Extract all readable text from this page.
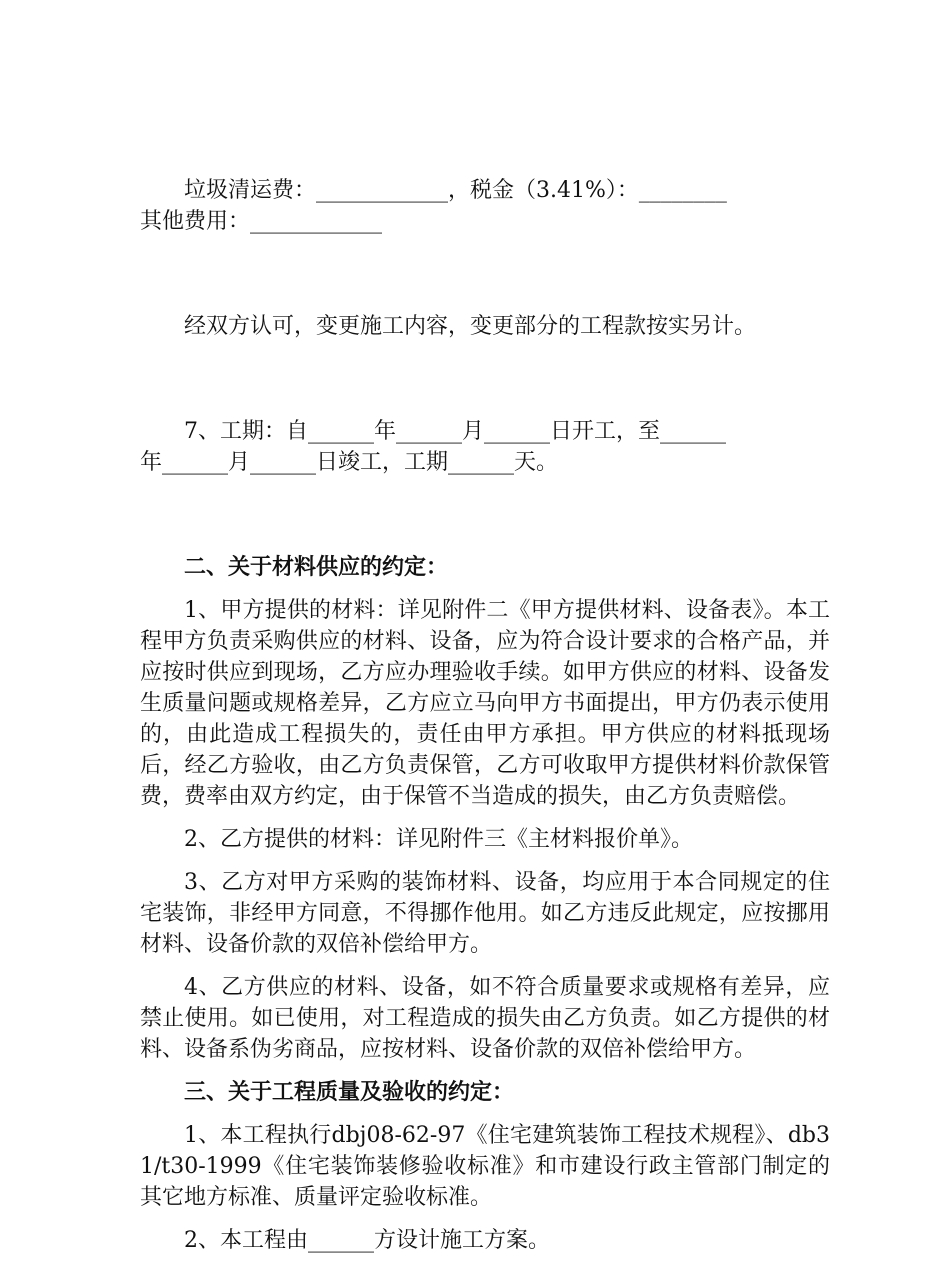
垃圾清运费：____________，税金（3.41%）：________
其他费用：____________

经双方认可，变更施工内容，变更部分的工程款按实另计。

7、工期：自______年______月______日开工，至______
年______月______日竣工，工期______天。

二、关于材料供应的约定：

1、甲方提供的材料：详见附件二《甲方提供材料、设备表》。本工程甲方负责采购供应的材料、设备，应为符合设计要求的合格产品，并应按时供应到现场，乙方应办理验收手续。如甲方供应的材料、设备发生质量问题或规格差异，乙方应立马向甲方书面提出，甲方仍表示使用的，由此造成工程损失的，责任由甲方承担。甲方供应的材料抵现场后，经乙方验收，由乙方负责保管，乙方可收取甲方提供材料价款保管费，费率由双方约定，由于保管不当造成的损失，由乙方负责赔偿。

2、乙方提供的材料：详见附件三《主材料报价单》。

3、乙方对甲方采购的装饰材料、设备，均应用于本合同规定的住宅装饰，非经甲方同意，不得挪作他用。如乙方违反此规定，应按挪用材料、设备价款的双倍补偿给甲方。

4、乙方供应的材料、设备，如不符合质量要求或规格有差异，应禁止使用。如已使用，对工程造成的损失由乙方负责。如乙方提供的材料、设备系伪劣商品，应按材料、设备价款的双倍补偿给甲方。

三、关于工程质量及验收的约定：

1、本工程执行dbj08-62-97《住宅建筑装饰工程技术规程》、db31/t30-1999《住宅装饰装修验收标准》和市建设行政主管部门制定的其它地方标准、质量评定验收标准。

2、本工程由______方设计施工方案。
